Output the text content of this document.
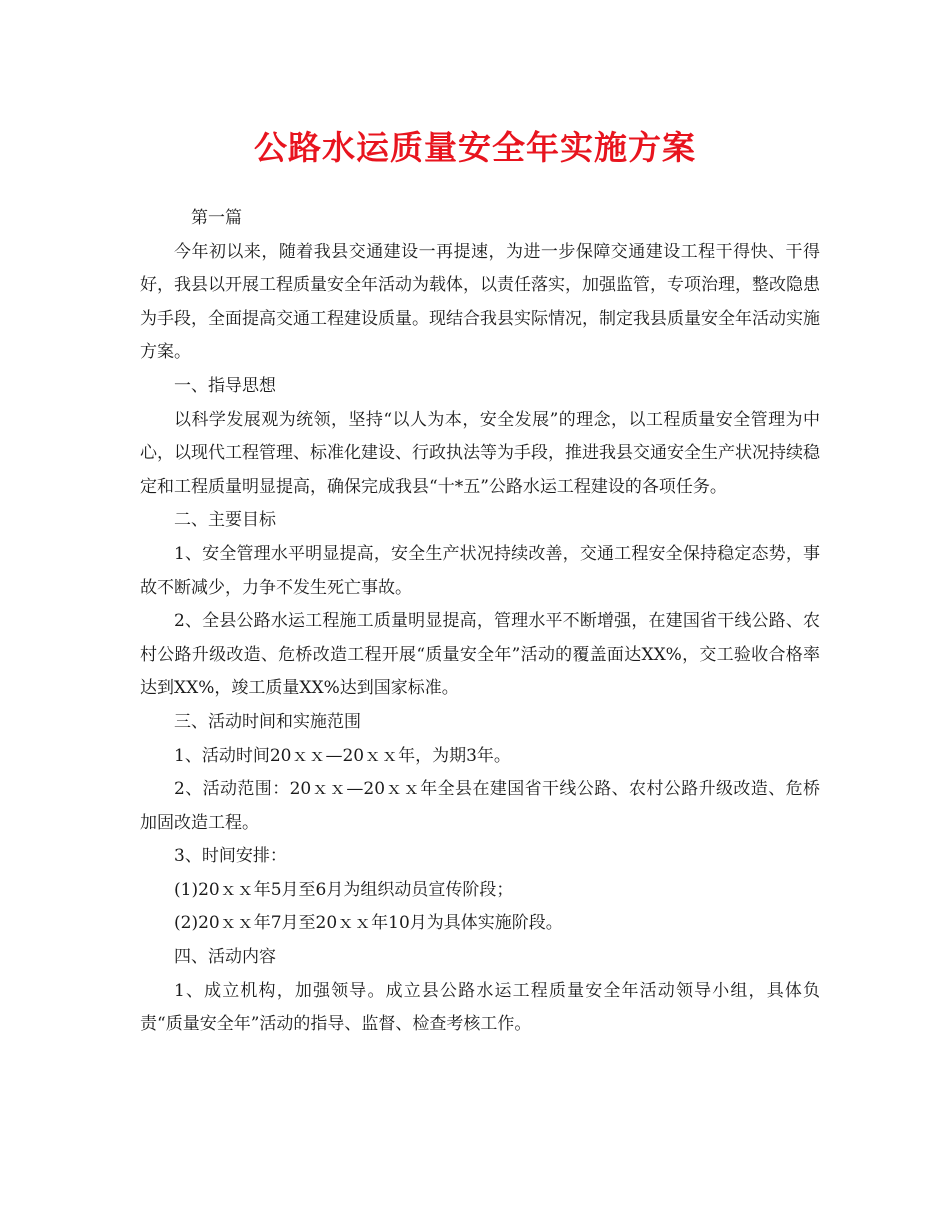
公路水运质量安全年实施方案

第一篇

今年初以来，随着我县交通建设一再提速，为进一步保障交通建设工程干得快、干得好，我县以开展工程质量安全年活动为载体，以责任落实，加强监管，专项治理，整改隐患为手段，全面提高交通工程建设质量。现结合我县实际情况，制定我县质量安全年活动实施方案。

一、指导思想

以科学发展观为统领，坚持“以人为本，安全发展”的理念，以工程质量安全管理为中心，以现代工程管理、标准化建设、行政执法等为手段，推进我县交通安全生产状况持续稳定和工程质量明显提高，确保完成我县“十*五”公路水运工程建设的各项任务。

二、主要目标

1、安全管理水平明显提高，安全生产状况持续改善，交通工程安全保持稳定态势，事故不断减少，力争不发生死亡事故。

2、全县公路水运工程施工质量明显提高，管理水平不断增强，在建国省干线公路、农村公路升级改造、危桥改造工程开展“质量安全年”活动的覆盖面达XX%，交工验收合格率达到XX%，竣工质量XX%达到国家标准。

三、活动时间和实施范围

1、活动时间20ｘｘ—20ｘｘ年，为期3年。

2、活动范围：20ｘｘ—20ｘｘ年全县在建国省干线公路、农村公路升级改造、危桥加固改造工程。

3、时间安排：

(1)20ｘｘ年5月至6月为组织动员宣传阶段；

(2)20ｘｘ年7月至20ｘｘ年10月为具体实施阶段。

四、活动内容

1、成立机构，加强领导。成立县公路水运工程质量安全年活动领导小组，具体负责“质量安全年”活动的指导、监督、检查考核工作。
